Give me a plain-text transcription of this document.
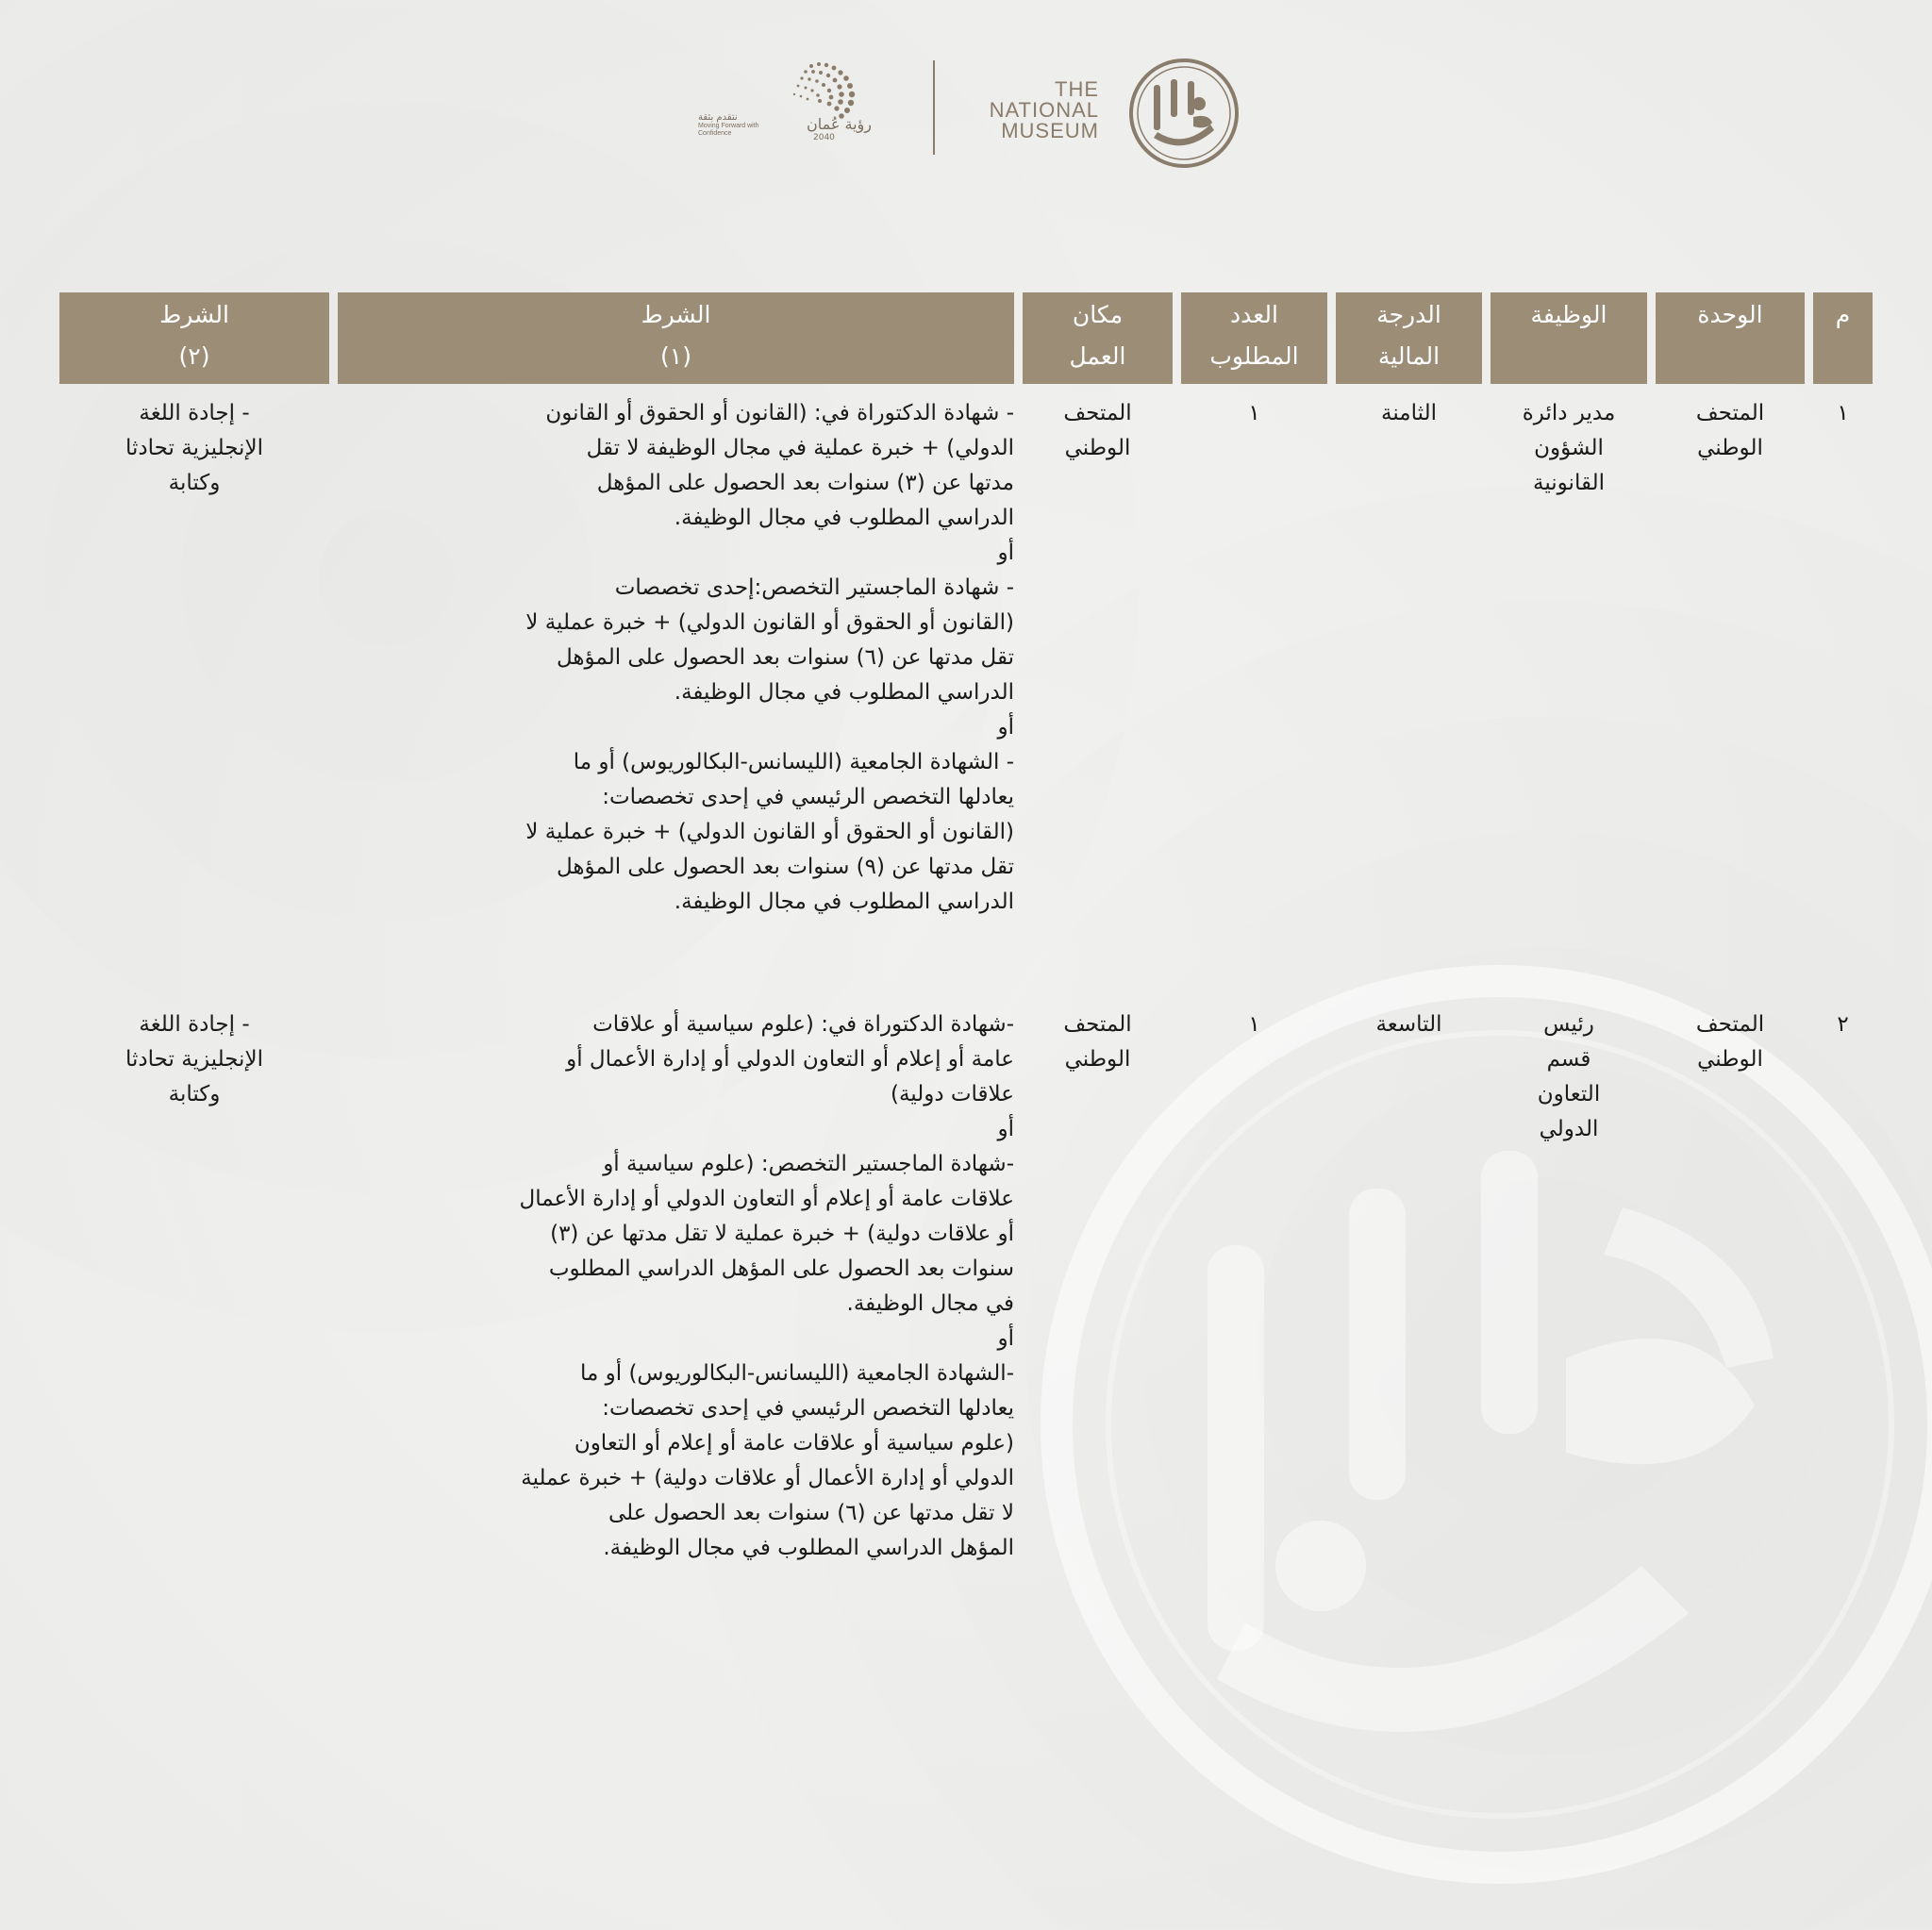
THE
NATIONAL
MUSEUM
رؤية عُمان
2040
نتقدم بثقة
Moving Forward with Confidence
م
الوحدة
الوظيفة
الدرجة
المالية
العدد
المطلوب
مكان
العمل
الشرط
(١)
الشرط
(٢)
١
المتحف
الوطني
مدير دائرة
الشؤون
القانونية
الثامنة
١
المتحف
الوطني
- شهادة الدكتوراة في: (القانون أو الحقوق أو القانون
الدولي) + خبرة عملية في مجال الوظيفة لا تقل
مدتها عن (٣) سنوات بعد الحصول على المؤهل
الدراسي المطلوب في مجال الوظيفة.
أو
- شهادة الماجستير التخصص:إحدى تخصصات
(القانون أو الحقوق أو القانون الدولي) + خبرة عملية لا
تقل مدتها عن (٦) سنوات بعد الحصول على المؤهل
الدراسي المطلوب في مجال الوظيفة.
أو
- الشهادة الجامعية (الليسانس-البكالوريوس) أو ما
يعادلها التخصص الرئيسي في إحدى تخصصات:
(القانون أو الحقوق أو القانون الدولي) + خبرة عملية لا
تقل مدتها عن (٩) سنوات بعد الحصول على المؤهل
الدراسي المطلوب في مجال الوظيفة.
- إجادة اللغة
الإنجليزية تحادثا
وكتابة
٢
المتحف
الوطني
رئيس
قسم
التعاون
الدولي
التاسعة
١
المتحف
الوطني
-شهادة الدكتوراة في: (علوم سياسية أو علاقات
عامة أو إعلام أو التعاون الدولي أو إدارة الأعمال أو
علاقات دولية)
أو
-شهادة الماجستير التخصص: (علوم سياسية أو
علاقات عامة أو إعلام أو التعاون الدولي أو إدارة الأعمال
أو علاقات دولية) + خبرة عملية لا تقل مدتها عن (٣)
سنوات بعد الحصول على المؤهل الدراسي المطلوب
في مجال الوظيفة.
أو
-الشهادة الجامعية (الليسانس-البكالوريوس) أو ما
يعادلها التخصص الرئيسي في إحدى تخصصات:
(علوم سياسية أو علاقات عامة أو إعلام أو التعاون
الدولي أو إدارة الأعمال أو علاقات دولية) + خبرة عملية
لا تقل مدتها عن (٦) سنوات بعد الحصول على
المؤهل الدراسي المطلوب في مجال الوظيفة.
- إجادة اللغة
الإنجليزية تحادثا
وكتابة
